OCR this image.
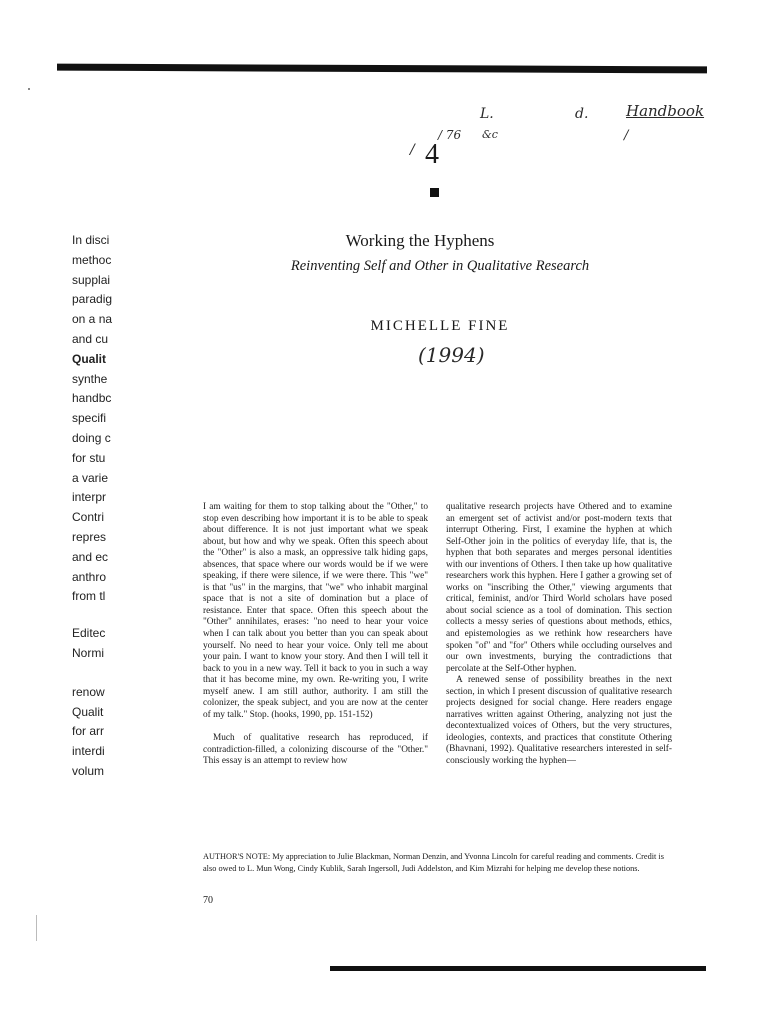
L.	d.	Handbook
/ 76 &c	/
/
(1994)
4
Working the Hyphens
Reinventing Self and Other in Qualitative Research
MICHELLE FINE
In disci
methoc
supplai
paradig
on a na
and cu
Qualit
synthe
handbc
specifi
doing c
for stu
a varie
interpr
Contri
repres
and ec
anthro
from tl
Editec
Normi
renow
Qualit
for arr
interdi
volum

I am waiting for them to stop talking about the "Other," to stop even describing how important it is to be able to speak about difference. It is not just important what we speak about, but how and why we speak. Often this speech about the "Other" is also a mask, an oppressive talk hiding gaps, absences, that space where our words would be if we were speaking, if there were silence, if we were there. This "we" is that "us" in the margins, that "we" who inhabit marginal space that is not a site of domination but a place of resistance. Enter that space. Often this speech about the "Other" annihilates, erases: "no need to hear your voice when I can talk about you better than you can speak about yourself. No need to hear your voice. Only tell me about your pain. I want to know your story. And then I will tell it back to you in a new way. Tell it back to you in such a way that it has become mine, my own. Re-writing you, I write myself anew. I am still author, authority. I am still the colonizer, the speak subject, and you are now at the center of my talk." Stop. (hooks, 1990, pp. 151-152)

Much of qualitative research has reproduced, if contradiction-filled, a colonizing discourse of the "Other." This essay is an attempt to review how

qualitative research projects have Othered and to examine an emergent set of activist and/or post-modern texts that interrupt Othering. First, I examine the hyphen at which Self-Other join in the politics of everyday life, that is, the hyphen that both separates and merges personal identities with our inventions of Others. I then take up how qualitative researchers work this hyphen. Here I gather a growing set of works on "inscribing the Other," viewing arguments that critical, feminist, and/or Third World scholars have posed about social science as a tool of domination. This section collects a messy series of questions about methods, ethics, and epistemologies as we rethink how researchers have spoken "of" and "for" Others while occluding ourselves and our own investments, burying the contradictions that percolate at the Self-Other hyphen.

A renewed sense of possibility breathes in the next section, in which I present discussion of qualitative research projects designed for social change. Here readers engage narratives written against Othering, analyzing not just the decontextualized voices of Others, but the very structures, ideologies, contexts, and practices that constitute Othering (Bhavnani, 1992). Qualitative researchers interested in self-consciously working the hyphen—

AUTHOR'S NOTE: My appreciation to Julie Blackman, Norman Denzin, and Yvonna Lincoln for careful reading and comments. Credit is also owed to L. Mun Wong, Cindy Kublik, Sarah Ingersoll, Judi Addelston, and Kim Mizrahi for helping me develop these notions.
70
